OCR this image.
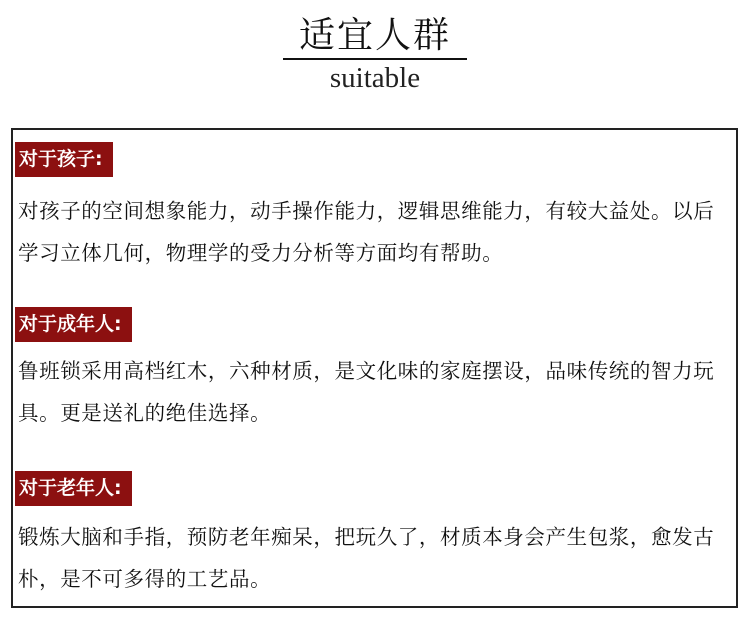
适宜人群
suitable
对于孩子:
对孩子的空间想象能力，动手操作能力，逻辑思维能力，有较大益处。以后学习立体几何，物理学的受力分析等方面均有帮助。
对于成年人:
鲁班锁采用高档红木，六种材质，是文化味的家庭摆设，品味传统的智力玩具。更是送礼的绝佳选择。
对于老年人:
锻炼大脑和手指，预防老年痴呆，把玩久了，材质本身会产生包浆，愈发古朴，是不可多得的工艺品。
